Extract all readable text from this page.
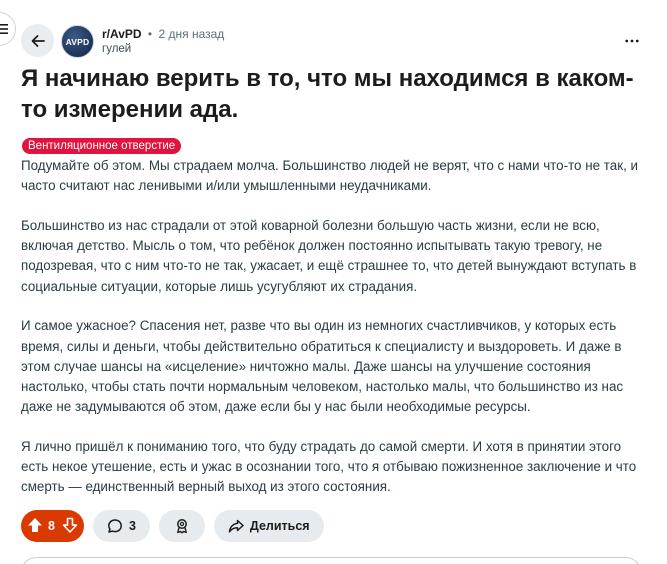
AVPD
r/AvPD • 2 дня назад
гулей
Я начинаю верить в то, что мы находимся в каком-то измерении ада.
Вентиляционное отверстие

Подумайте об этом. Мы страдаем молча. Большинство людей не верят, что с нами что-то не так, и часто считают нас ленивыми и/или умышленными неудачниками.

Большинство из нас страдали от этой коварной болезни большую часть жизни, если не всю, включая детство. Мысль о том, что ребёнок должен постоянно испытывать такую тревогу, не подозревая, что с ним что-то не так, ужасает, и ещё страшнее то, что детей вынуждают вступать в социальные ситуации, которые лишь усугубляют их страдания.

И самое ужасное? Спасения нет, разве что вы один из немногих счастливчиков, у которых есть время, силы и деньги, чтобы действительно обратиться к специалисту и выздороветь. И даже в этом случае шансы на «исцеление» ничтожно малы. Даже шансы на улучшение состояния настолько, чтобы стать почти нормальным человеком, настолько малы, что большинство из нас даже не задумываются об этом, даже если бы у нас были необходимые ресурсы.

Я лично пришёл к пониманию того, что буду страдать до самой смерти. И хотя в принятии этого есть некое утешение, есть и ужас в осознании того, что я отбываю пожизненное заключение и что смерть — единственный верный выход из этого состояния.

8	3	Делиться
